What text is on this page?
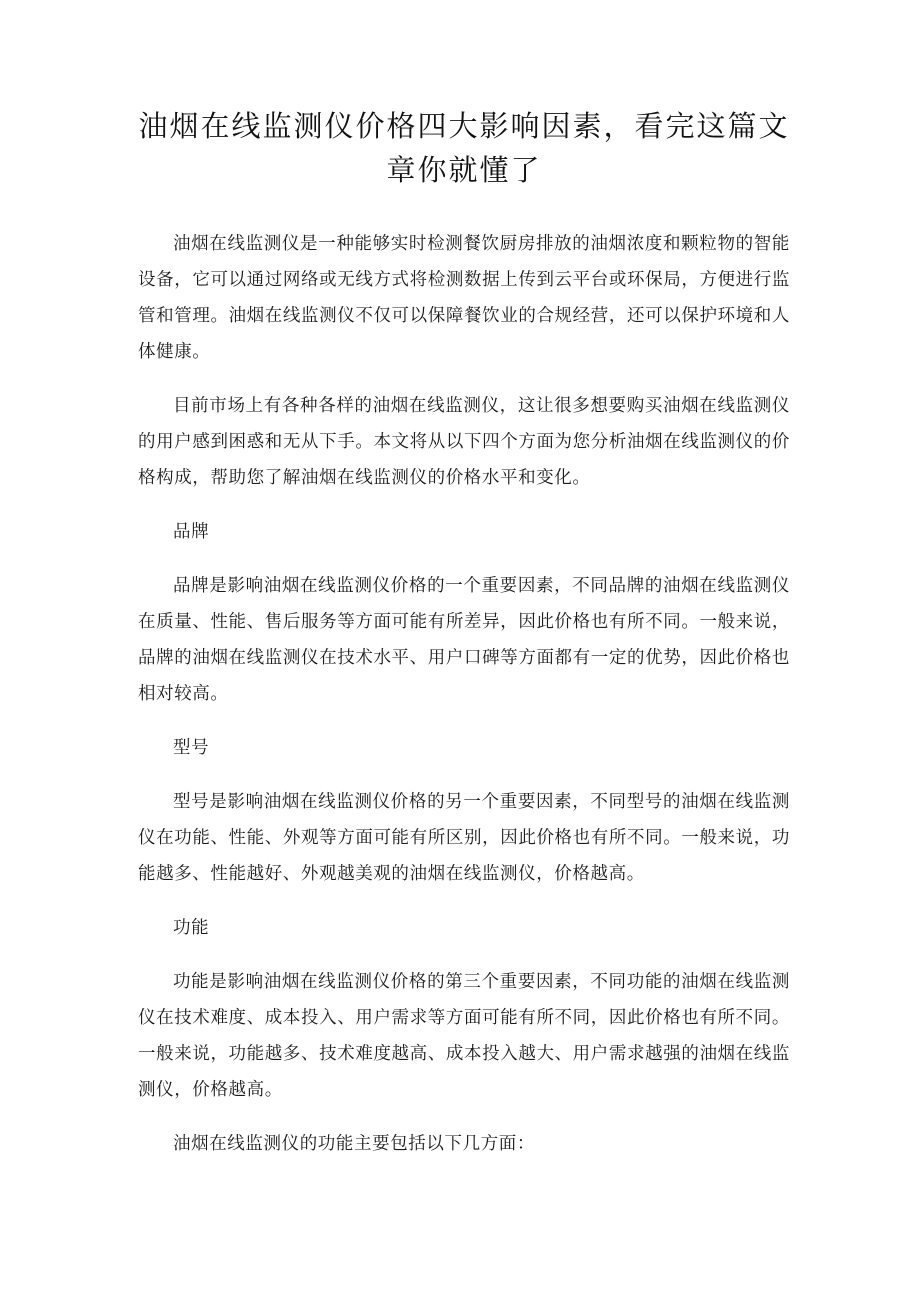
油烟在线监测仪价格四大影响因素，看完这篇文章你就懂了

油烟在线监测仪是一种能够实时检测餐饮厨房排放的油烟浓度和颗粒物的智能设备，它可以通过网络或无线方式将检测数据上传到云平台或环保局，方便进行监管和管理。油烟在线监测仪不仅可以保障餐饮业的合规经营，还可以保护环境和人体健康。

目前市场上有各种各样的油烟在线监测仪，这让很多想要购买油烟在线监测仪的用户感到困惑和无从下手。本文将从以下四个方面为您分析油烟在线监测仪的价格构成，帮助您了解油烟在线监测仪的价格水平和变化。

品牌

品牌是影响油烟在线监测仪价格的一个重要因素，不同品牌的油烟在线监测仪在质量、性能、售后服务等方面可能有所差异，因此价格也有所不同。一般来说，品牌的油烟在线监测仪在技术水平、用户口碑等方面都有一定的优势，因此价格也相对较高。

型号

型号是影响油烟在线监测仪价格的另一个重要因素，不同型号的油烟在线监测仪在功能、性能、外观等方面可能有所区别，因此价格也有所不同。一般来说，功能越多、性能越好、外观越美观的油烟在线监测仪，价格越高。

功能

功能是影响油烟在线监测仪价格的第三个重要因素，不同功能的油烟在线监测仪在技术难度、成本投入、用户需求等方面可能有所不同，因此价格也有所不同。一般来说，功能越多、技术难度越高、成本投入越大、用户需求越强的油烟在线监测仪，价格越高。

油烟在线监测仪的功能主要包括以下几方面：
